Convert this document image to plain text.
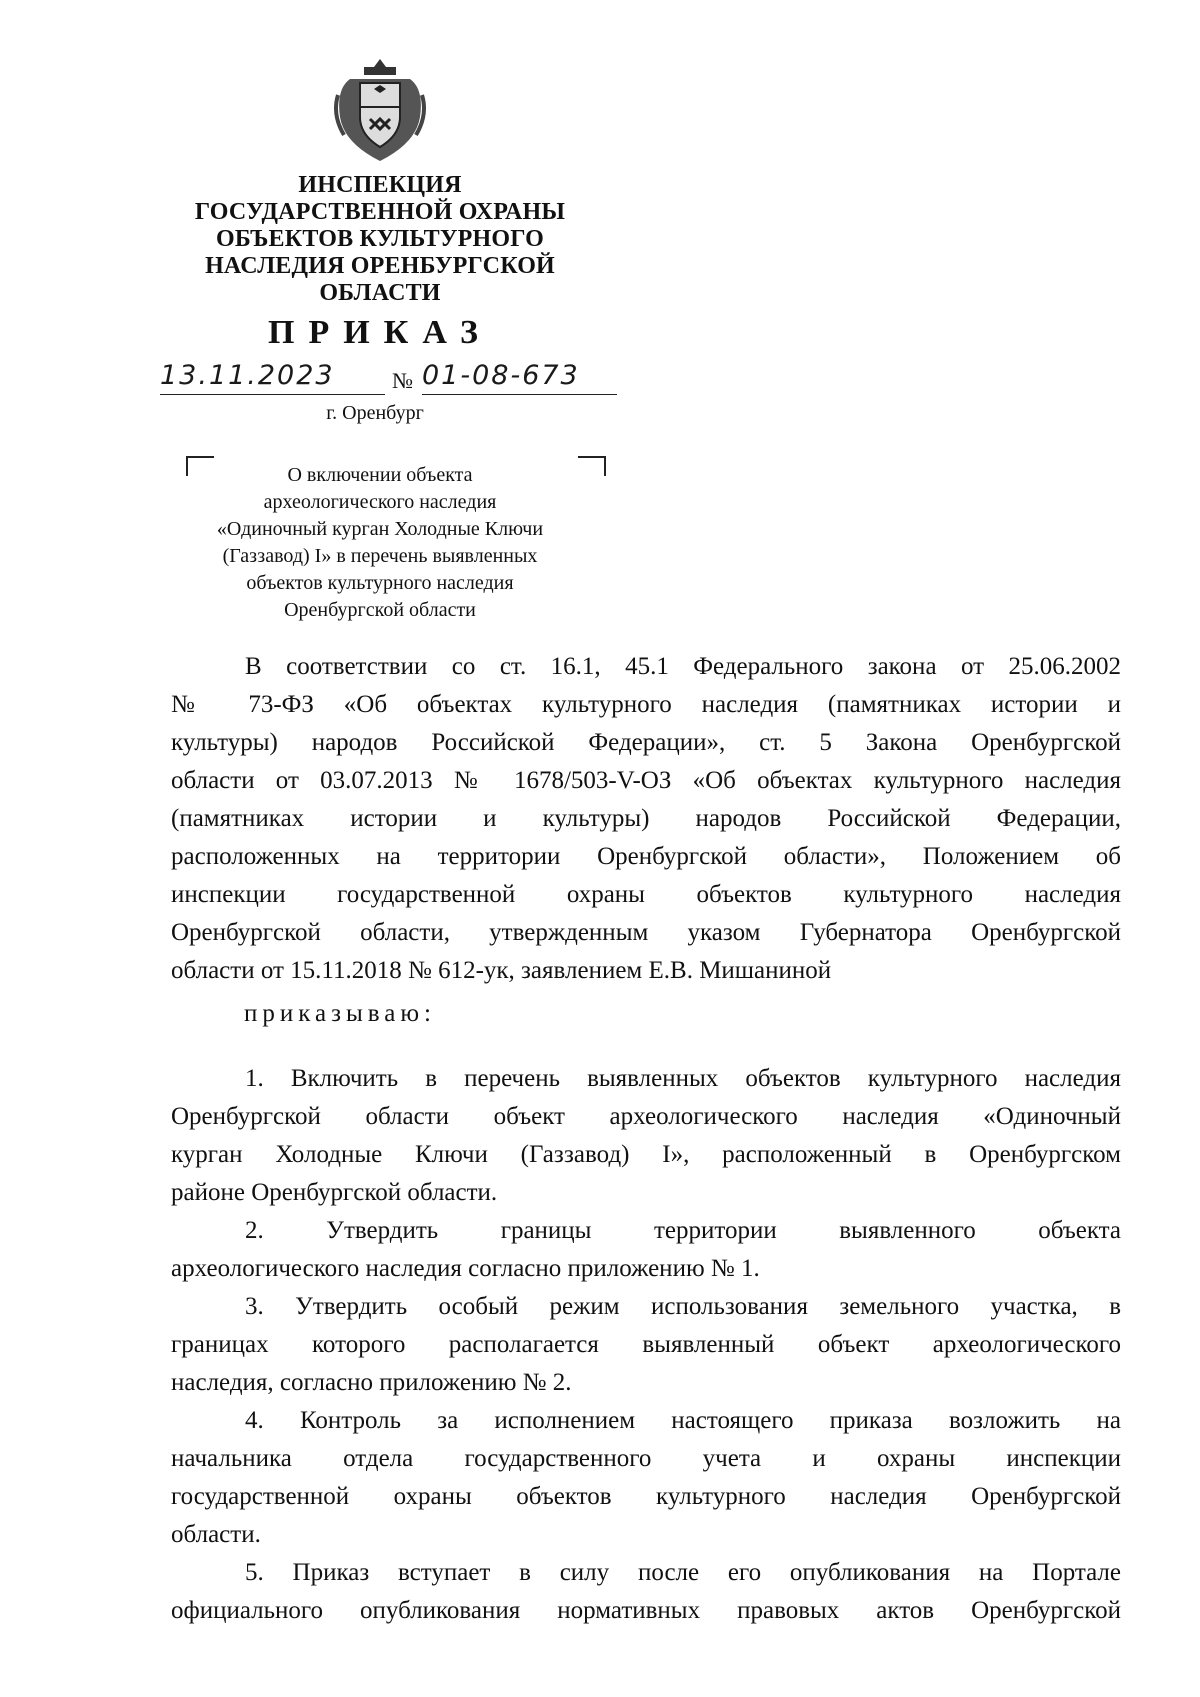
ИНСПЕКЦИЯ
ГОСУДАРСТВЕННОЙ ОХРАНЫ
ОБЪЕКТОВ КУЛЬТУРНОГО
НАСЛЕДИЯ ОРЕНБУРГСКОЙ
ОБЛАСТИ
ПРИКАЗ
13.11.2023	№ 01-08-673
г. Оренбург
О включении объекта
археологического наследия
«Одиночный курган Холодные Ключи
(Газзавод) I» в перечень выявленных
объектов культурного наследия
Оренбургской области
В соответствии со ст. 16.1, 45.1 Федерального закона от 25.06.2002
№ 73-ФЗ «Об объектах культурного наследия (памятниках истории и
культуры) народов Российской Федерации», ст. 5 Закона Оренбургской
области от 03.07.2013 № 1678/503-V-ОЗ «Об объектах культурного наследия
(памятниках истории и культуры) народов Российской Федерации,
расположенных на территории Оренбургской области», Положением об
инспекции государственной охраны объектов культурного наследия
Оренбургской области, утвержденным указом Губернатора Оренбургской
области от 15.11.2018 № 612-ук, заявлением Е.В. Мишаниной
приказываю:
1. Включить в перечень выявленных объектов культурного наследия
Оренбургской области объект археологического наследия «Одиночный
курган Холодные Ключи (Газзавод) I», расположенный в Оренбургском
районе Оренбургской области.
2. Утвердить границы территории выявленного объекта
археологического наследия согласно приложению № 1.
3. Утвердить особый режим использования земельного участка, в
границах которого располагается выявленный объект археологического
наследия, согласно приложению № 2.
4. Контроль за исполнением настоящего приказа возложить на
начальника отдела государственного учета и охраны инспекции
государственной охраны объектов культурного наследия Оренбургской
области.
5. Приказ вступает в силу после его опубликования на Портале
официального опубликования нормативных правовых актов Оренбургской
